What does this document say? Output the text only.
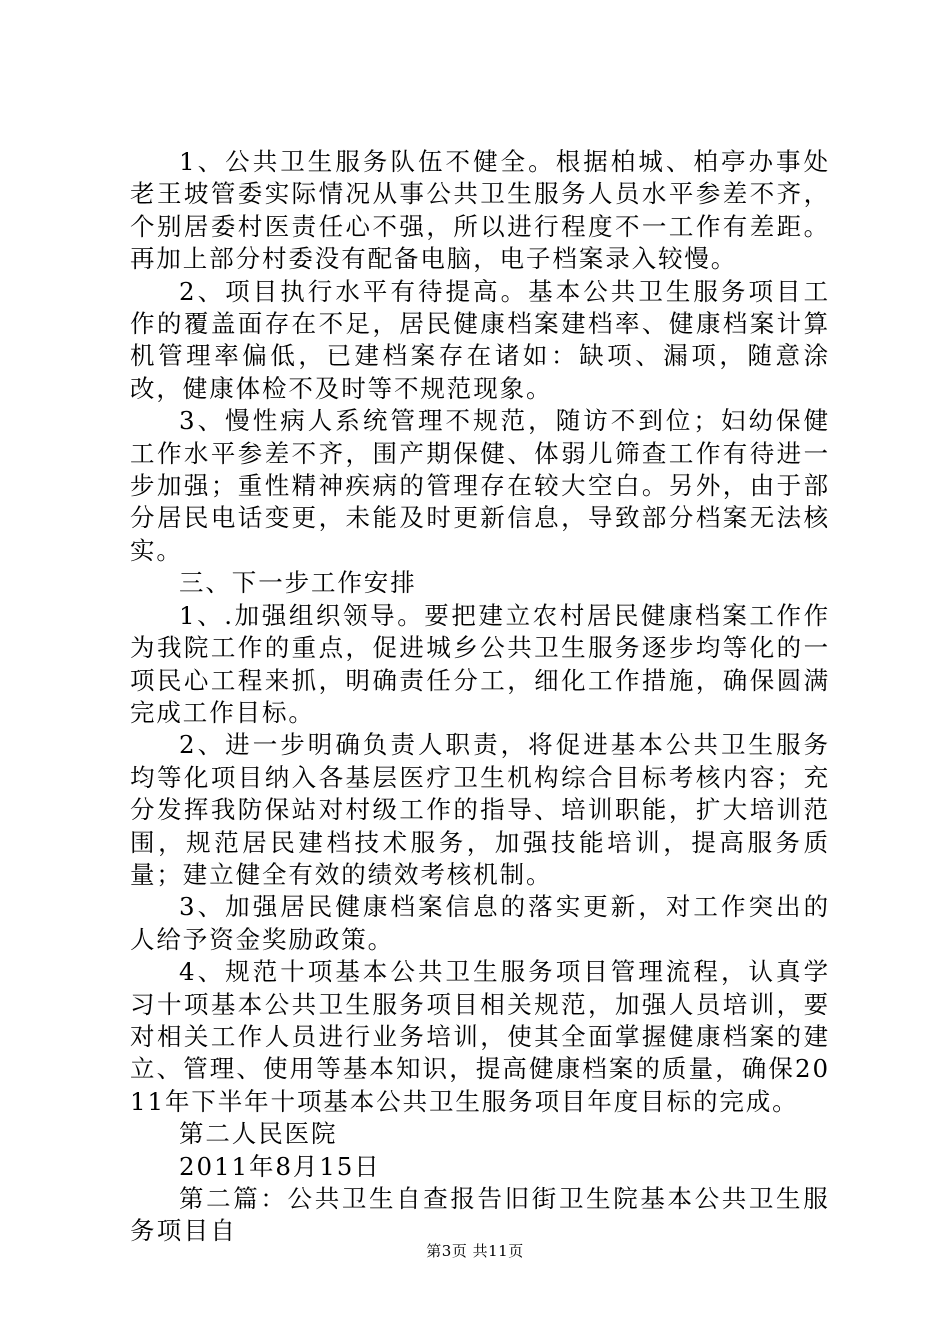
1、公共卫生服务队伍不健全。根据柏城、柏亭办事处老王坡管委实际情况从事公共卫生服务人员水平参差不齐，个别居委村医责任心不强，所以进行程度不一工作有差距。再加上部分村委没有配备电脑，电子档案录入较慢。

2、项目执行水平有待提高。基本公共卫生服务项目工作的覆盖面存在不足，居民健康档案建档率、健康档案计算机管理率偏低，已建档案存在诸如：缺项、漏项，随意涂改，健康体检不及时等不规范现象。

3、慢性病人系统管理不规范，随访不到位；妇幼保健工作水平参差不齐，围产期保健、体弱儿筛查工作有待进一步加强；重性精神疾病的管理存在较大空白。另外，由于部分居民电话变更，未能及时更新信息，导致部分档案无法核实。

三、下一步工作安排

1、.加强组织领导。要把建立农村居民健康档案工作作为我院工作的重点，促进城乡公共卫生服务逐步均等化的一项民心工程来抓，明确责任分工，细化工作措施，确保圆满完成工作目标。

2、进一步明确负责人职责，将促进基本公共卫生服务均等化项目纳入各基层医疗卫生机构综合目标考核内容；充分发挥我防保站对村级工作的指导、培训职能，扩大培训范围，规范居民建档技术服务，加强技能培训，提高服务质量；建立健全有效的绩效考核机制。

3、加强居民健康档案信息的落实更新，对工作突出的人给予资金奖励政策。

4、规范十项基本公共卫生服务项目管理流程，认真学习十项基本公共卫生服务项目相关规范，加强人员培训，要对相关工作人员进行业务培训，使其全面掌握健康档案的建立、管理、使用等基本知识，提高健康档案的质量，确保2011年下半年十项基本公共卫生服务项目年度目标的完成。

第二人民医院

2011年8月15日

第二篇：公共卫生自查报告旧街卫生院基本公共卫生服务项目自

第3页 共11页
